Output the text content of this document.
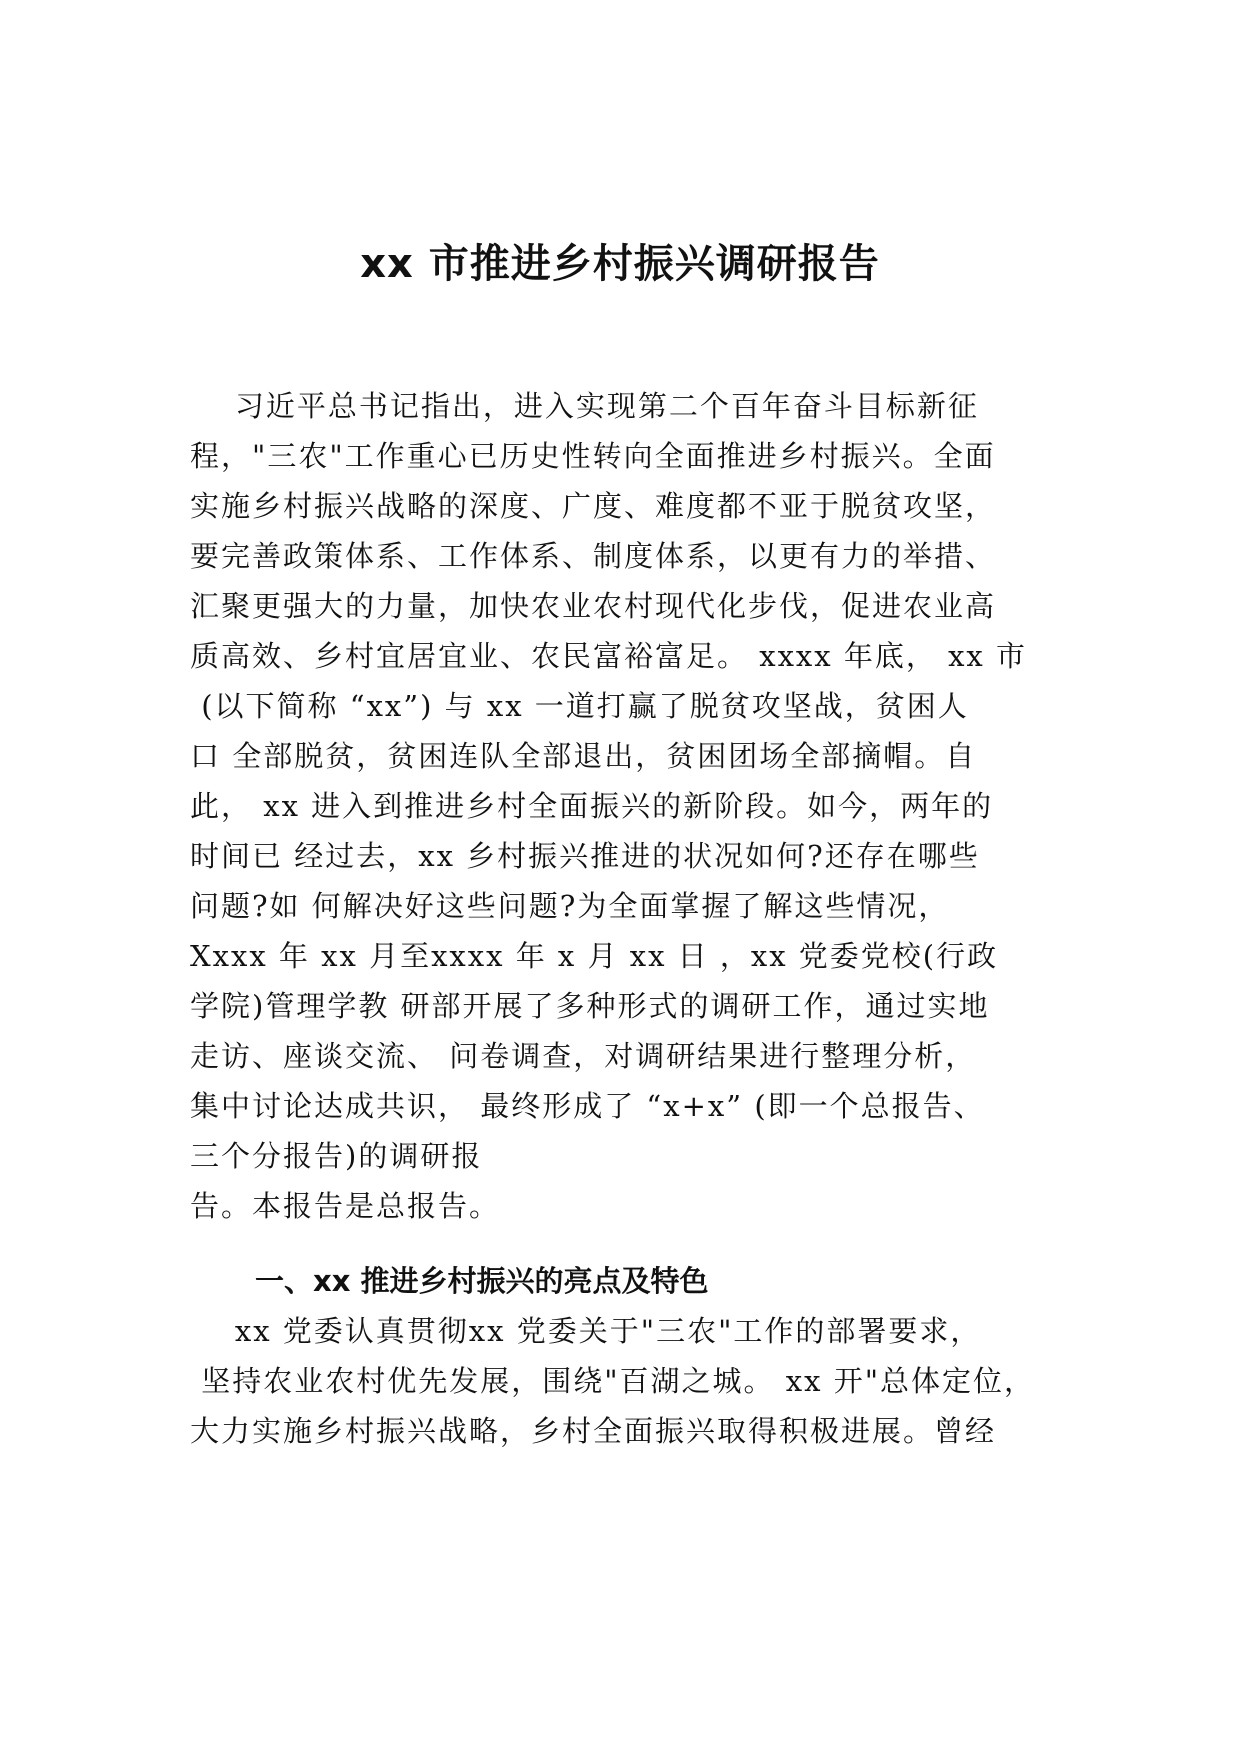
xx 市推进乡村振兴调研报告
习近平总书记指出，进入实现第二个百年奋斗目标新征
程，"三农"工作重心已历史性转向全面推进乡村振兴。全面
实施乡村振兴战略的深度、广度、难度都不亚于脱贫攻坚，
要完善政策体系、工作体系、制度体系，以更有力的举措、
汇聚更强大的力量，加快农业农村现代化步伐，促进农业高
质高效、乡村宜居宜业、农民富裕富足。 xxxx 年底， xx 市
(以下简称 “xx”) 与 xx 一道打赢了脱贫攻坚战，贫困人
口 全部脱贫，贫困连队全部退出，贫困团场全部摘帽。自
此， xx 进入到推进乡村全面振兴的新阶段。如今，两年的
时间已 经过去，xx 乡村振兴推进的状况如何?还存在哪些
问题?如 何解决好这些问题?为全面掌握了解这些情况，
Xxxx 年 xx 月至xxxx 年 x 月 xx 日 ，xx 党委党校(行政
学院)管理学教 研部开展了多种形式的调研工作，通过实地
走访、座谈交流、 问卷调查，对调研结果进行整理分析，
集中讨论达成共识， 最终形成了 “x+x” (即一个总报告、
三个分报告)的调研报
告。本报告是总报告。
一、xx 推进乡村振兴的亮点及特色
xx 党委认真贯彻xx 党委关于"三农"工作的部署要求，
坚持农业农村优先发展，围绕"百湖之城。 xx 开"总体定位，
大力实施乡村振兴战略，乡村全面振兴取得积极进展。曾经
